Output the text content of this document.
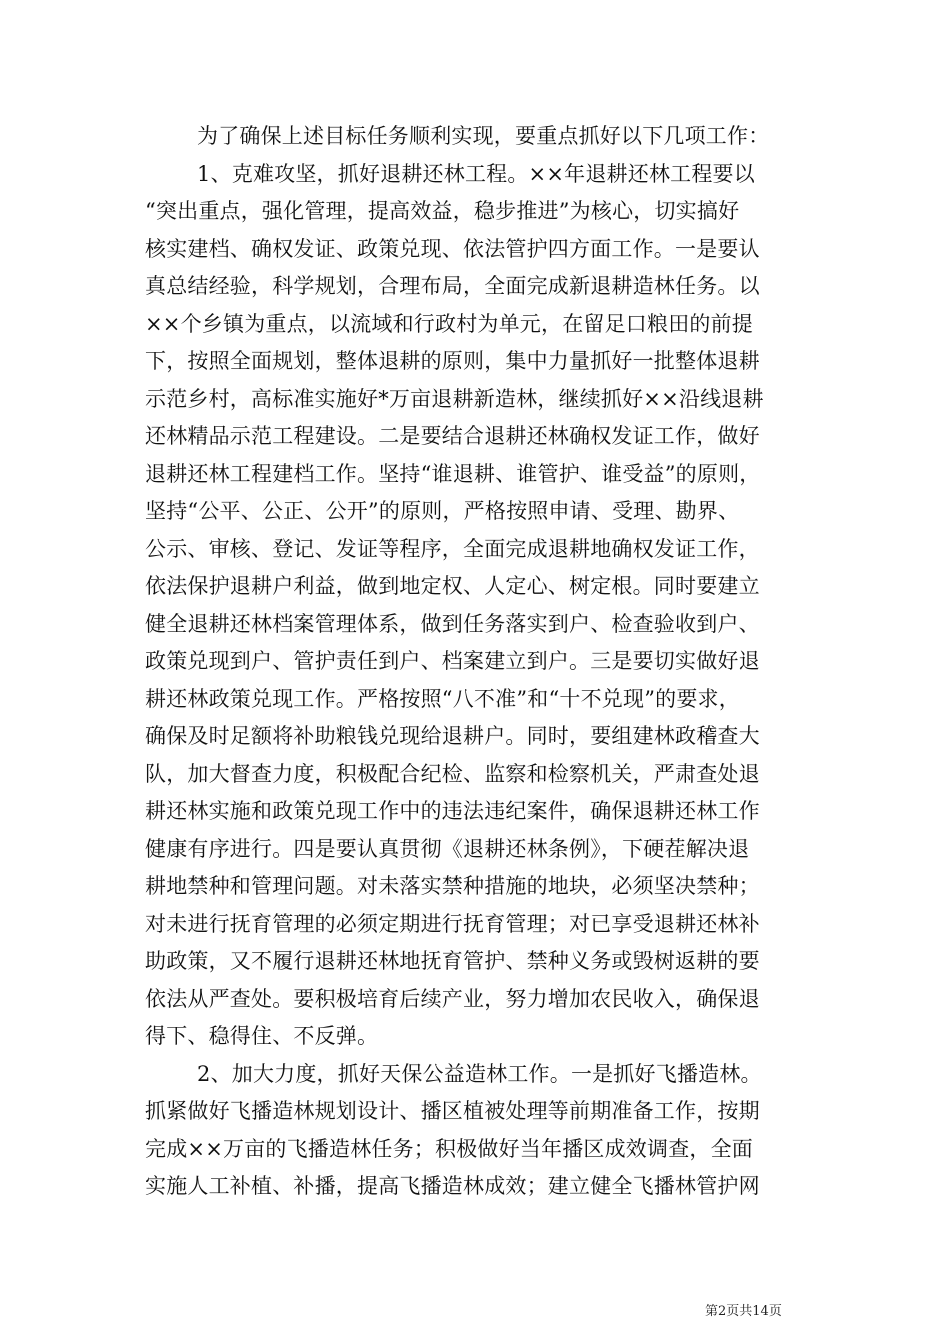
为了确保上述目标任务顺利实现，要重点抓好以下几项工作：
1、克难攻坚，抓好退耕还林工程。××年退耕还林工程要以
“突出重点，强化管理，提高效益，稳步推进”为核心，切实搞好
核实建档、确权发证、政策兑现、依法管护四方面工作。一是要认
真总结经验，科学规划，合理布局，全面完成新退耕造林任务。以
××个乡镇为重点，以流域和行政村为单元，在留足口粮田的前提
下，按照全面规划，整体退耕的原则，集中力量抓好一批整体退耕
示范乡村，高标准实施好*万亩退耕新造林，继续抓好××沿线退耕
还林精品示范工程建设。二是要结合退耕还林确权发证工作，做好
退耕还林工程建档工作。坚持“谁退耕、谁管护、谁受益”的原则，
坚持“公平、公正、公开”的原则，严格按照申请、受理、勘界、
公示、审核、登记、发证等程序，全面完成退耕地确权发证工作，
依法保护退耕户利益，做到地定权、人定心、树定根。同时要建立
健全退耕还林档案管理体系，做到任务落实到户、检查验收到户、
政策兑现到户、管护责任到户、档案建立到户。三是要切实做好退
耕还林政策兑现工作。严格按照“八不准”和“十不兑现”的要求，
确保及时足额将补助粮钱兑现给退耕户。同时，要组建林政稽查大
队，加大督查力度，积极配合纪检、监察和检察机关，严肃查处退
耕还林实施和政策兑现工作中的违法违纪案件，确保退耕还林工作
健康有序进行。四是要认真贯彻《退耕还林条例》，下硬茬解决退
耕地禁种和管理问题。对未落实禁种措施的地块，必须坚决禁种；
对未进行抚育管理的必须定期进行抚育管理；对已享受退耕还林补
助政策，又不履行退耕还林地抚育管护、禁种义务或毁树返耕的要
依法从严查处。要积极培育后续产业，努力增加农民收入，确保退
得下、稳得住、不反弹。
2、加大力度，抓好天保公益造林工作。一是抓好飞播造林。
抓紧做好飞播造林规划设计、播区植被处理等前期准备工作，按期
完成××万亩的飞播造林任务；积极做好当年播区成效调查，全面
实施人工补植、补播，提高飞播造林成效；建立健全飞播林管护网
第2页共14页
